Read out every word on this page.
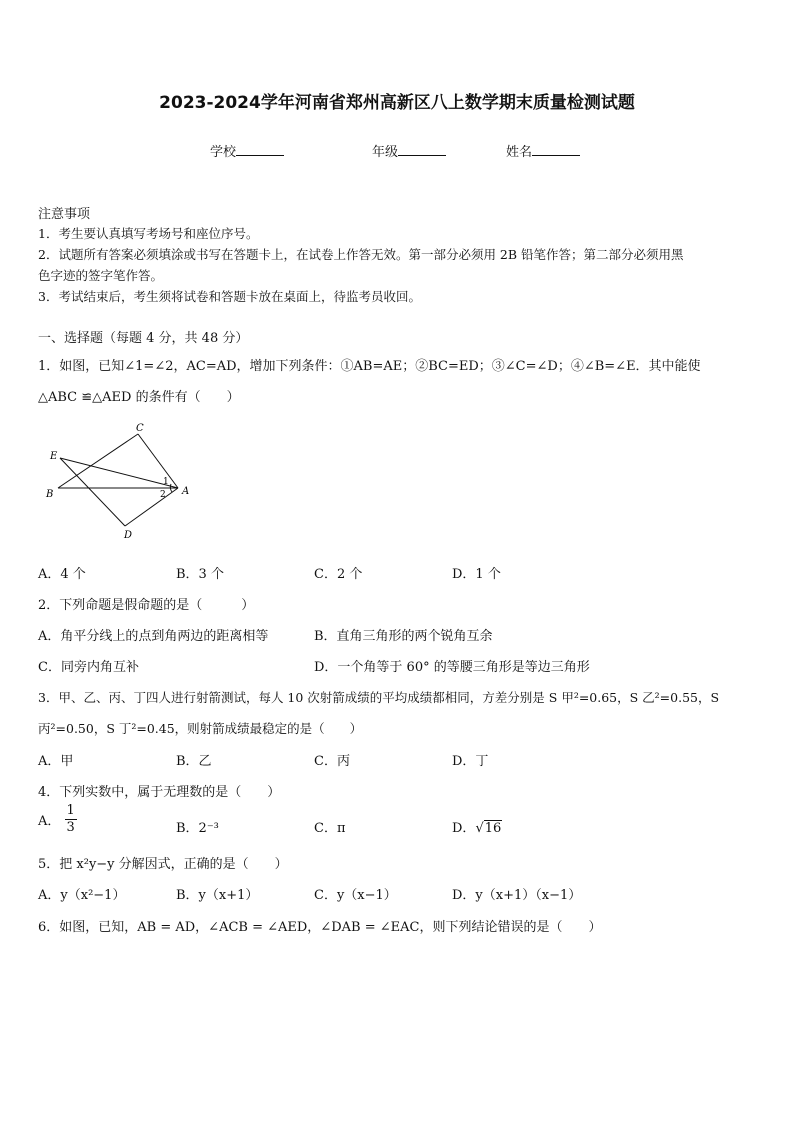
2023-2024学年河南省郑州高新区八上数学期末质量检测试题
学校	年级	姓名
注意事项
1．考生要认真填写考场号和座位序号。
2．试题所有答案必须填涂或书写在答题卡上，在试卷上作答无效。第一部分必须用 2B 铅笔作答；第二部分必须用黑
色字迹的签字笔作答。
3．考试结束后，考生须将试卷和答题卡放在桌面上，待监考员收回。
一、选择题（每题 4 分，共 48 分）
1．如图，已知∠1=∠2，AC=AD，增加下列条件：①AB=AE；②BC=ED；③∠C=∠D；④∠B=∠E．其中能使
△ABC ≌△AED 的条件有（　　）
C
E
B	A
D
1
2
A．4 个	B．3 个	C．2 个	D．1 个
2．下列命题是假命题的是（　　　）
A．角平分线上的点到角两边的距离相等	B．直角三角形的两个锐角互余
C．同旁内角互补	D．一个角等于 60° 的等腰三角形是等边三角形
3．甲、乙、丙、丁四人进行射箭测试，每人 10 次射箭成绩的平均成绩都相同，方差分别是 S 甲²=0.65，S 乙²=0.55，S
丙²=0.50，S 丁²=0.45，则射箭成绩最稳定的是（　　）
A．甲	B．乙	C．丙	D．丁
4．下列实数中，属于无理数的是（　　）
A． $\frac{1}{3}$	B．2⁻³	C．π	D．√16
5．把 x²y−y 分解因式，正确的是（　　）
A．y（x²−1）	B．y（x+1）	C．y（x−1）	D．y（x+1）（x−1）
6．如图，已知，AB = AD，∠ACB = ∠AED，∠DAB = ∠EAC，则下列结论错误的是（　　）
